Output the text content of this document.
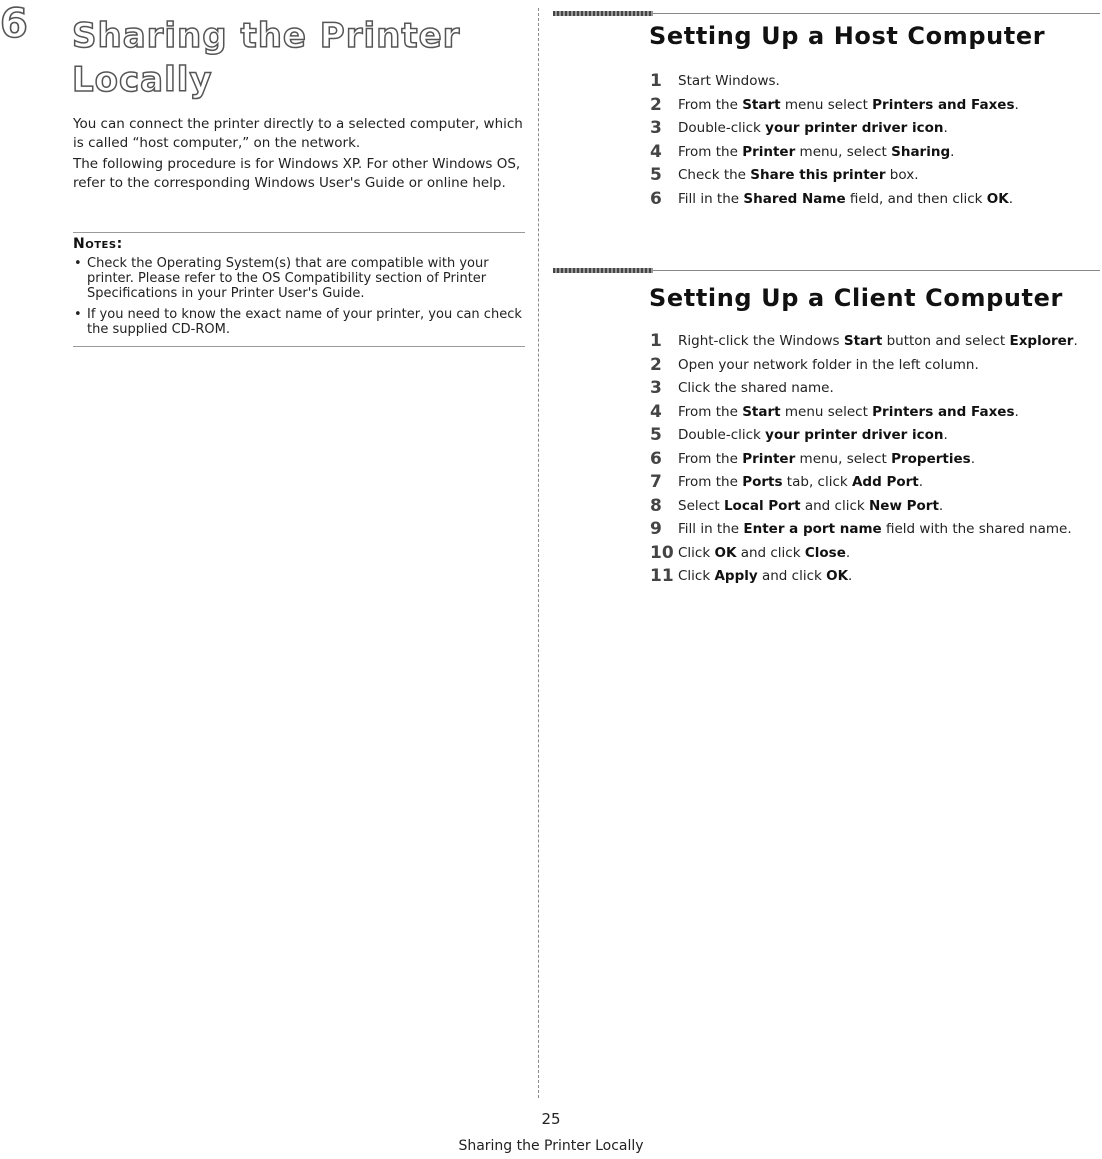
6 Sharing the Printer Locally

You can connect the printer directly to a selected computer, which is called “host computer,” on the network.

The following procedure is for Windows XP. For other Windows OS, refer to the corresponding Windows User's Guide or online help.

Notes:
• Check the Operating System(s) that are compatible with your printer. Please refer to the OS Compatibility section of Printer Specifications in your Printer User's Guide.
• If you need to know the exact name of your printer, you can check the supplied CD-ROM.
Setting Up a Host Computer
1 Start Windows.
2 From the Start menu select Printers and Faxes.
3 Double-click your printer driver icon.
4 From the Printer menu, select Sharing.
5 Check the Share this printer box.
6 Fill in the Shared Name field, and then click OK.
Setting Up a Client Computer
1 Right-click the Windows Start button and select Explorer.
2 Open your network folder in the left column.
3 Click the shared name.
4 From the Start menu select Printers and Faxes.
5 Double-click your printer driver icon.
6 From the Printer menu, select Properties.
7 From the Ports tab, click Add Port.
8 Select Local Port and click New Port.
9 Fill in the Enter a port name field with the shared name.
10 Click OK and click Close.
11 Click Apply and click OK.
25
Sharing the Printer Locally
